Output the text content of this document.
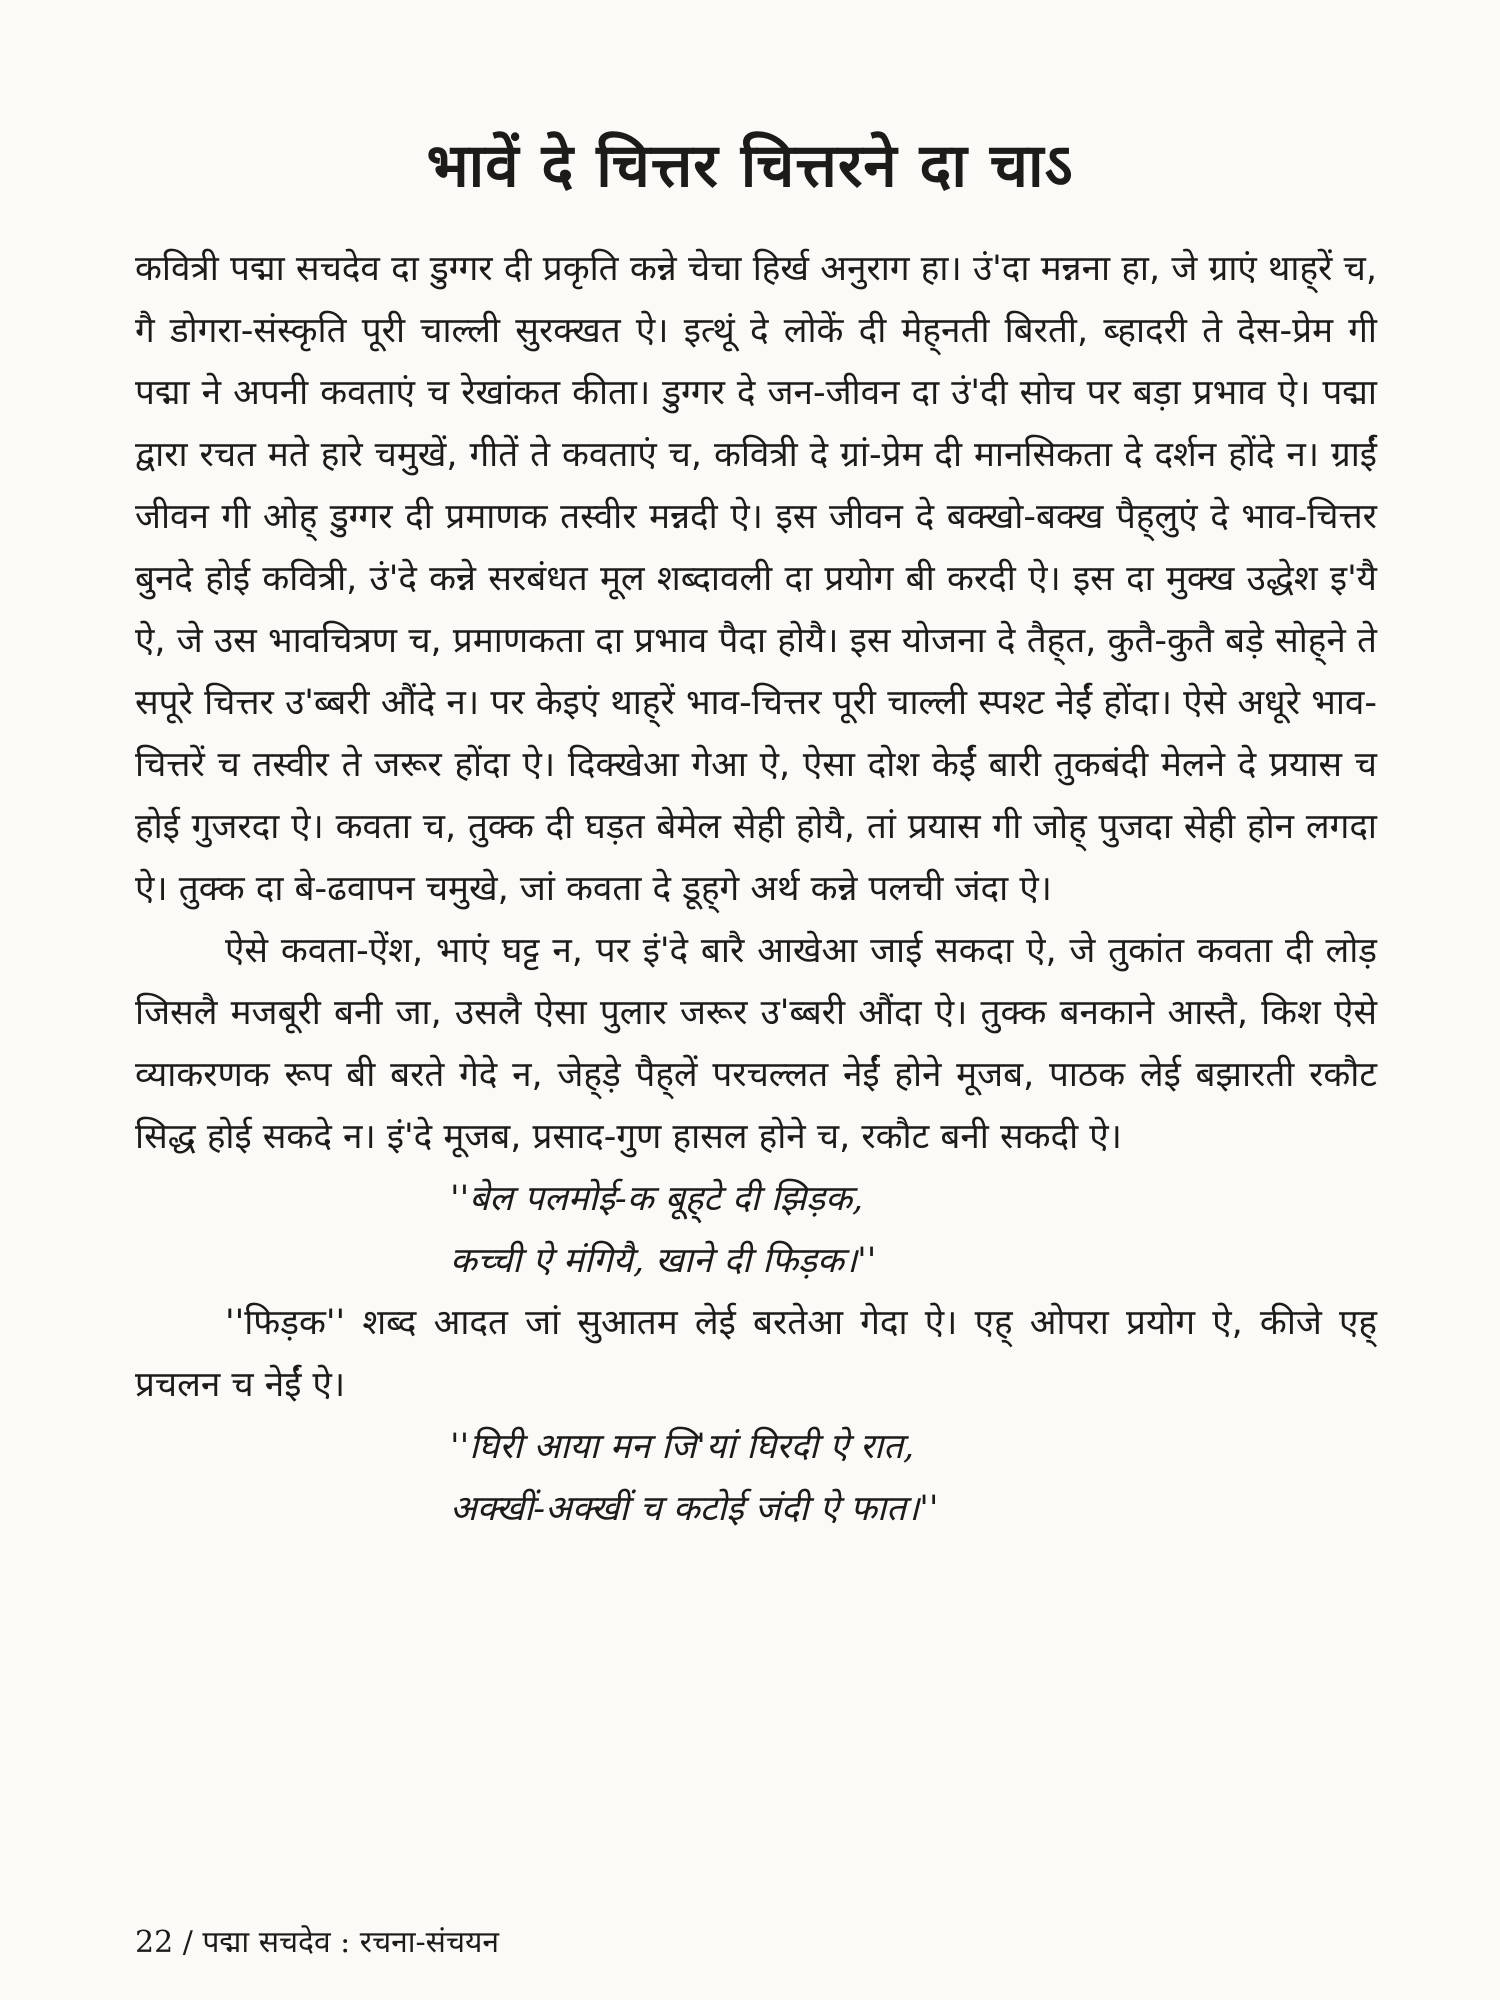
भावें दे चित्तर चित्तरने दा चाऽ

कवित्री पद्मा सचदेव दा डुग्गर दी प्रकृति कन्ने चेचा हिर्ख अनुराग हा। उं'दा मन्नना हा, जे ग्राएं थाह्‌रें च, गै डोगरा-संस्कृति पूरी चाल्ली सुरक्खत ऐ। इत्थूं दे लोकें दी मेह्‌नती बिरती, ब्हादरी ते देस-प्रेम गी पद्मा ने अपनी कवताएं च रेखांकत कीता। डुग्गर दे जन-जीवन दा उं'दी सोच पर बड़ा प्रभाव ऐ। पद्मा द्वारा रचत मते हारे चमुखें, गीतें ते कवताएं च, कवित्री दे ग्रां-प्रेम दी मानसिकता दे दर्शन होंदे न। ग्राईं जीवन गी ओह् डुग्गर दी प्रमाणक तस्वीर मन्नदी ऐ। इस जीवन दे बक्खो-बक्ख पैह्‌लुएं दे भाव-चित्तर बुनदे होई कवित्री, उं'दे कन्ने सरबंधत मूल शब्दावली दा प्रयोग बी करदी ऐ। इस दा मुक्ख उद्धेश इ'यै ऐ, जे उस भावचित्रण च, प्रमाणकता दा प्रभाव पैदा होयै। इस योजना दे तैह्‌त, कुतै-कुतै बड़े सोह्‌ने ते सपूरे चित्तर उ'ब्बरी औंदे न। पर केइएं थाह्‌रें भाव-चित्तर पूरी चाल्ली स्पश्ट नेईं होंदा। ऐसे अधूरे भाव-चित्तरें च तस्वीर ते जरूर होंदा ऐ। दिक्खेआ गेआ ऐ, ऐसा दोश केईं बारी तुकबंदी मेलने दे प्रयास च होई गुजरदा ऐ। कवता च, तुक्क दी घड़त बेमेल सेही होयै, तां प्रयास गी जोह् पुजदा सेही होन लगदा ऐ। तुक्क दा बे-ढवापन चमुखे, जां कवता दे डूह्‌गे अर्थ कन्ने पलची जंदा ऐ।

ऐसे कवता-ऐंश, भाएं घट्ट न, पर इं'दे बारै आखेआ जाई सकदा ऐ, जे तुकांत कवता दी लोड़ जिसलै मजबूरी बनी जा, उसलै ऐसा पुलार जरूर उ'ब्बरी औंदा ऐ। तुक्क बनकाने आस्तै, किश ऐसे व्याकरणक रूप बी बरते गेदे न, जेह्‌ड़े पैह्‌लें परचल्लत नेईं होने मूजब, पाठक लेई बझारती रकौट सिद्ध होई सकदे न। इं'दे मूजब, प्रसाद-गुण हासल होने च, रकौट बनी सकदी ऐ।

''बेल पलमोई-क बूह्‌टे दी झिड़क,
कच्ची ऐ मंगियै, खाने दी फिड़क।''

''फिड़क'' शब्द आदत जां सुआतम लेई बरतेआ गेदा ऐ। एह् ओपरा प्रयोग ऐ, कीजे एह् प्रचलन च नेईं ऐ।

''घिरी आया मन जि'यां घिरदी ऐ रात,
अक्खीं-अक्खीं च कटोई जंदी ऐ फात।''
22 / पद्मा सचदेव : रचना-संचयन
